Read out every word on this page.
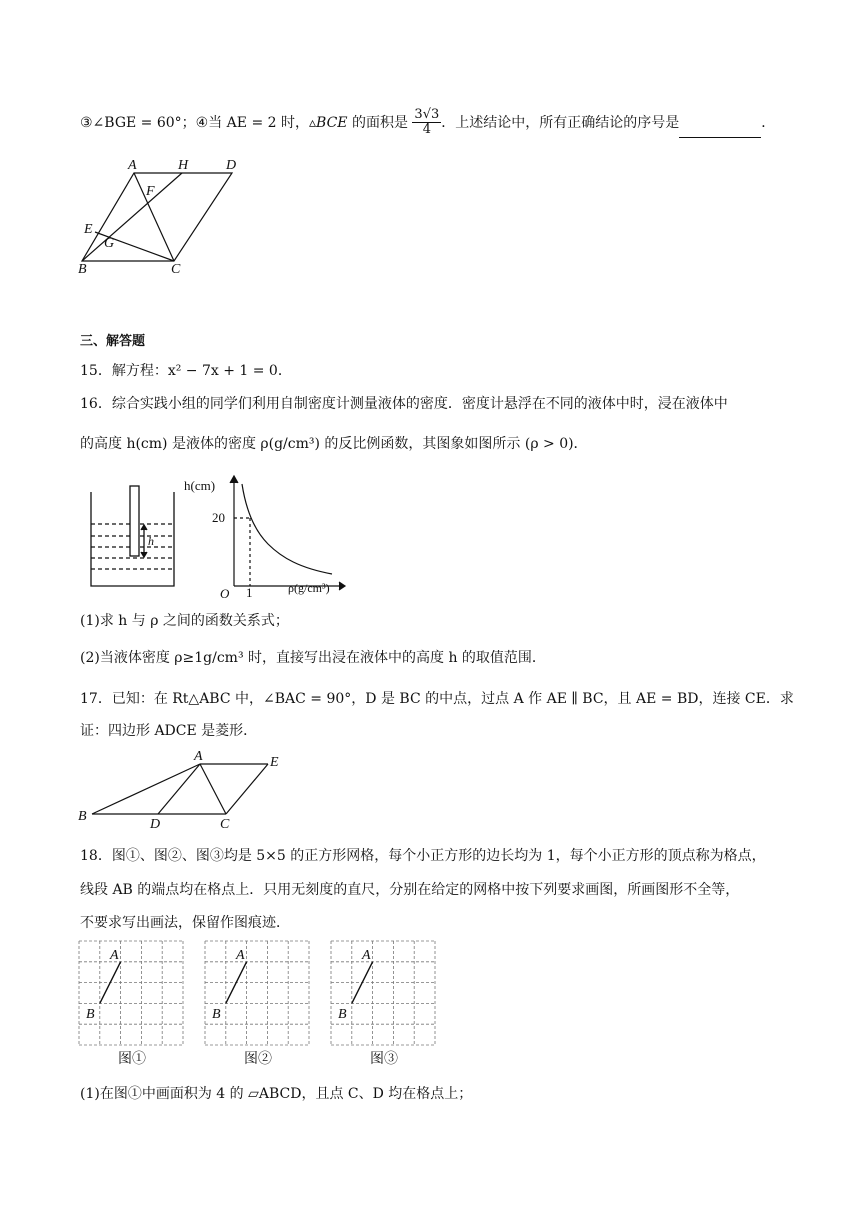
③∠BGE = 60°；④当 AE = 2 时，▵BCE 的面积是 $\frac{3√3}{4}$ ．上述结论中，所有正确结论的序号是	．
A	H	D
F
E
G
B	C
三、解答题
15．解方程：x² − 7x + 1 = 0．
16．综合实践小组的同学们利用自制密度计测量液体的密度．密度计悬浮在不同的液体中时，浸在液体中
的高度 h(cm) 是液体的密度 ρ(g/cm³) 的反比例函数，其图象如图所示 (ρ > 0)．
h
h(cm)
20
O 1	ρ(g/cm³)
(1)求 h 与 ρ 之间的函数关系式；
(2)当液体密度 ρ≥1g/cm³ 时，直接写出浸在液体中的高度 h 的取值范围．
17．已知：在 Rt△ABC 中，∠BAC = 90°，D 是 BC 的中点，过点 A 作 AE ∥ BC，且 AE = BD，连接 CE．求
证：四边形 ADCE 是菱形．
A	E
B
D	C
18．图①、图②、图③均是 5×5 的正方形网格，每个小正方形的边长均为 1，每个小正方形的顶点称为格点，
线段 AB 的端点均在格点上．只用无刻度的直尺，分别在给定的网格中按下列要求画图，所画图形不全等，
不要求写出画法，保留作图痕迹．
A
B
A
B
A
B
图①	图②	图③
(1)在图①中画面积为 4 的 ▱ABCD，且点 C、D 均在格点上；
